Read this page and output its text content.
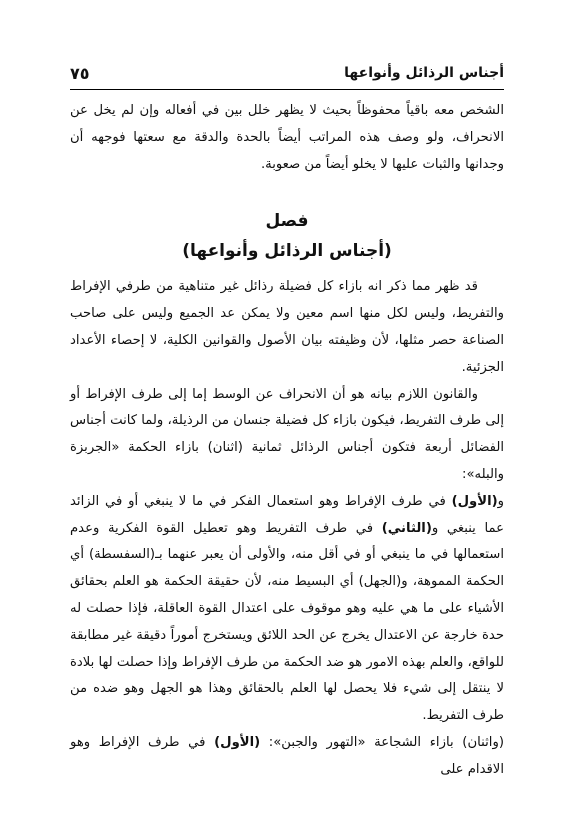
أجناس الرذائل وأنواعها
٧٥

الشخص معه باقياً محفوظاً بحيث لا يظهر خلل بين في أفعاله وإن لم يخل عن الانحراف، ولو وصف هذه المراتب أيضاً بالحدة والدقة مع سعتها فوجهه أن وجدانها والثبات عليها لا يخلو أيضاً من صعوبة.

فصل
(أجناس الرذائل وأنواعها)

قد ظهر مما ذكر انه بازاء كل فضيلة رذائل غير متناهية من طرفي الإفراط والتفريط، وليس لكل منها اسم معين ولا يمكن عد الجميع وليس على صاحب الصناعة حصر مثلها، لأن وظيفته بيان الأصول والقوانين الكلية، لا إحصاء الأعداد الجزئية.

والقانون اللازم بيانه هو أن الانحراف عن الوسط إما إلى طرف الإفراط أو إلى طرف التفريط، فيكون بازاء كل فضيلة جنسان من الرذيلة، ولما كانت أجناس الفضائل أربعة فتكون أجناس الرذائل ثمانية (اثنان) بازاء الحكمة «الجربزة والبله»:

و(الأول) في طرف الإفراط وهو استعمال الفكر في ما لا ينبغي أو في الزائد عما ينبغي و(الثاني) في طرف التفريط وهو تعطيل القوة الفكرية وعدم استعمالها في ما ينبغي أو في أقل منه، والأولى أن يعبر عنهما بـ(السفسطة) أي الحكمة المموهة، و(الجهل) أي البسيط منه، لأن حقيقة الحكمة هو العلم بحقائق الأشياء على ما هي عليه وهو موقوف على اعتدال القوة العاقلة، فإذا حصلت له حدة خارجة عن الاعتدال يخرج عن الحد اللائق ويستخرج أموراً دقيقة غير مطابقة للواقع، والعلم بهذه الامور هو ضد الحكمة من طرف الإفراط وإذا حصلت لها بلادة لا ينتقل إلى شيء فلا يحصل لها العلم بالحقائق وهذا هو الجهل وهو ضده من طرف التفريط.

(واثنان) بازاء الشجاعة «التهور والجبن»: (الأول) في طرف الإفراط وهو الاقدام على
